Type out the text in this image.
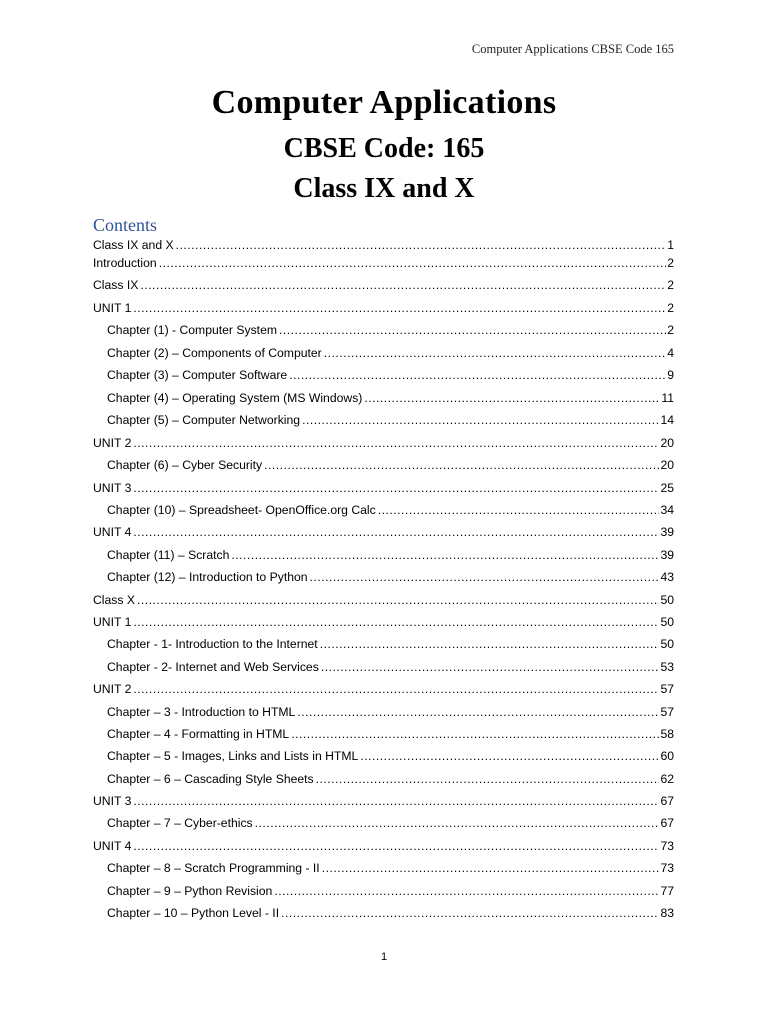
Computer Applications CBSE Code 165
Computer Applications
CBSE Code: 165
Class IX and X
Contents
Class IX and X .....	1
Introduction .....	2
Class IX .....	2
UNIT 1 .....	2
Chapter (1) - Computer System .....	2
Chapter (2) – Components of Computer .....	4
Chapter (3) – Computer Software .....	9
Chapter (4) – Operating System (MS Windows) .....	11
Chapter (5) – Computer Networking .....	14
UNIT 2 .....	20
Chapter (6) – Cyber Security .....	20
UNIT 3 .....	25
Chapter (10) – Spreadsheet- OpenOffice.org Calc .....	34
UNIT 4 .....	39
Chapter (11) – Scratch .....	39
Chapter (12) – Introduction to Python .....	43
Class X .....	50
UNIT 1 .....	50
Chapter - 1- Introduction to the Internet .....	50
Chapter - 2- Internet and Web Services .....	53
UNIT 2 .....	57
Chapter – 3 - Introduction to HTML .....	57
Chapter – 4 - Formatting in HTML .....	58
Chapter – 5 - Images, Links and Lists in HTML .....	60
Chapter – 6 – Cascading Style Sheets .....	62
UNIT 3 .....	67
Chapter – 7 – Cyber-ethics .....	67
UNIT 4 .....	73
Chapter – 8 – Scratch Programming - II .....	73
Chapter – 9 – Python Revision .....	77
Chapter – 10 – Python Level - II .....	83
1
